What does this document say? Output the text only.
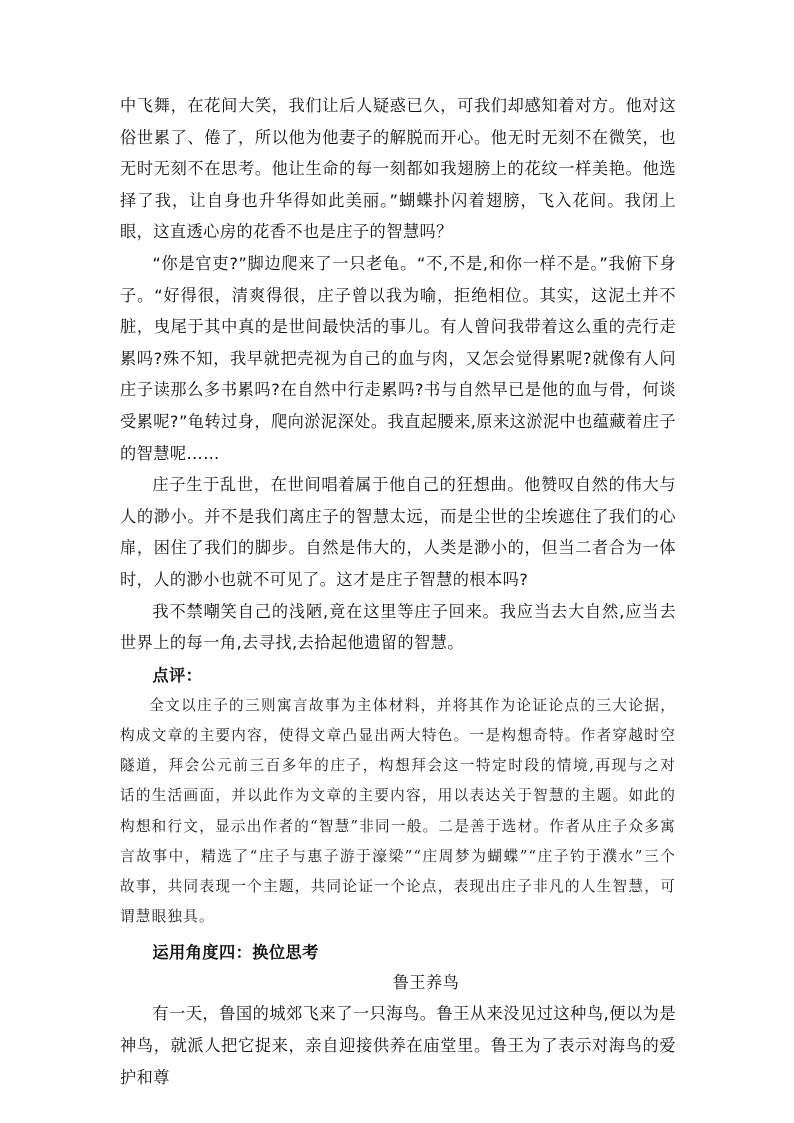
中飞舞，在花间大笑，我们让后人疑惑已久，可我们却感知着对方。他对这俗世累了、倦了，所以他为他妻子的解脱而开心。他无时无刻不在微笑，也无时无刻不在思考。他让生命的每一刻都如我翅膀上的花纹一样美艳。他选择了我，让自身也升华得如此美丽。”蝴蝶扑闪着翅膀，飞入花间。我闭上眼，这直透心房的花香不也是庄子的智慧吗？

“你是官吏?”脚边爬来了一只老龟。“不,不是,和你一样不是。”我俯下身子。“好得很，清爽得很，庄子曾以我为喻，拒绝相位。其实，这泥土并不脏，曳尾于其中真的是世间最快活的事儿。有人曾问我带着这么重的壳行走累吗?殊不知，我早就把壳视为自己的血与肉，又怎会觉得累呢?就像有人问庄子读那么多书累吗?在自然中行走累吗?书与自然早已是他的血与骨，何谈受累呢?”龟转过身，爬向淤泥深处。我直起腰来,原来这淤泥中也蕴藏着庄子的智慧呢……

庄子生于乱世，在世间唱着属于他自己的狂想曲。他赞叹自然的伟大与人的渺小。并不是我们离庄子的智慧太远，而是尘世的尘埃遮住了我们的心扉，困住了我们的脚步。自然是伟大的，人类是渺小的，但当二者合为一体时，人的渺小也就不可见了。这才是庄子智慧的根本吗?

我不禁嘲笑自己的浅陋,竟在这里等庄子回来。我应当去大自然,应当去世界上的每一角,去寻找,去拾起他遗留的智慧。

点评：

全文以庄子的三则寓言故事为主体材料，并将其作为论证论点的三大论据，构成文章的主要内容，使得文章凸显出两大特色。一是构想奇特。作者穿越时空隧道，拜会公元前三百多年的庄子，构想拜会这一特定时段的情境,再现与之对话的生活画面，并以此作为文章的主要内容，用以表达关于智慧的主题。如此的构想和行文，显示出作者的“智慧”非同一般。二是善于选材。作者从庄子众多寓言故事中，精选了“庄子与惠子游于濠梁”“庄周梦为蝴蝶”“庄子钓于濮水”三个故事，共同表现一个主题，共同论证一个论点，表现出庄子非凡的人生智慧，可谓慧眼独具。

运用角度四：换位思考

鲁王养鸟

有一天，鲁国的城郊飞来了一只海鸟。鲁王从来没见过这种鸟,便以为是神鸟，就派人把它捉来，亲自迎接供养在庙堂里。鲁王为了表示对海鸟的爱护和尊
